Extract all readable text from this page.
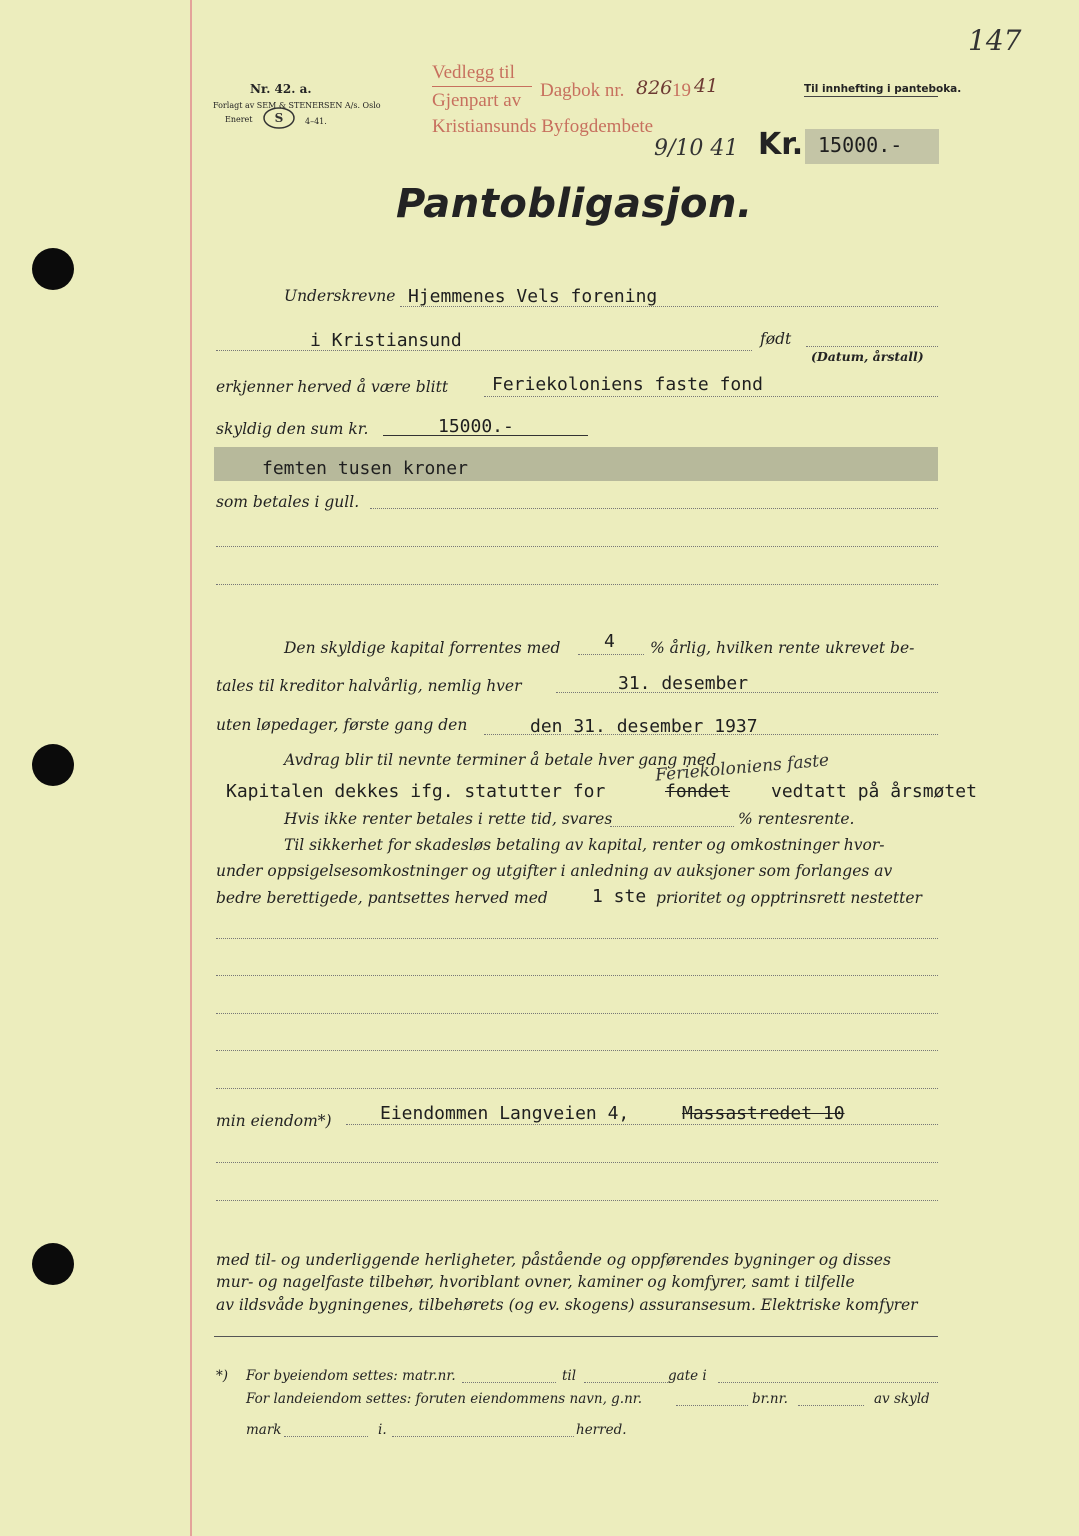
Nr. 42. a.
Forlagt av SEM & STENERSEN A/s. Oslo
Eneret S	4–41.
Vedlegg til
Gjenpart av
Kristiansunds Byfogdembete
Dagbok nr. 826 19 41
9/10 41
Til innhefting i panteboka.
147
Kr. 15000.-
Pantobligasjon.
Underskrevne Hjemmenes Vels forening
i Kristiansund	født
(Datum, årstall)
erkjenner herved å være blitt Feriekoloniens faste fond
skyldig den sum kr.	15000.-
femten tusen kroner
som betales i gull.
Den skyldige kapital forrentes med 4 % årlig, hvilken rente ukrevet be-
tales til kreditor halvårlig, nemlig hver	31. desember
uten løpedager, første gang den	den 31. desember 1937
Avdrag blir til nevnte terminer å betale hver gang med
Feriekoloniens faste
Kapitalen dekkes ifg. statutter for	fondet vedtatt på årsmøtet
Hvis ikke renter betales i rette tid, svares	% rentesrente.
Til sikkerhet for skadesløs betaling av kapital, renter og omkostninger hvor-
under oppsigelsesomkostninger og utgifter i anledning av auksjoner som forlanges av
bedre berettigede, pantsettes herved med 1 ste prioritet og opptrinsrett nestetter
min eiendom*)	Eiendommen Langveien 4,	Massastredet 10
med til- og underliggende herligheter, påstående og oppførendes bygninger og disses
mur- og nagelfaste tilbehør, hvoriblant ovner, kaminer og komfyrer, samt i tilfelle
av ildsvåde bygningenes, tilbehørets (og ev. skogens) assuransesum. Elektriske komfyrer
*) For byeiendom settes: matr.nr.	til	gate i
For landeiendom settes: foruten eiendommens navn, g.nr.	br.nr.	av skyld
mark	i.	herred.
